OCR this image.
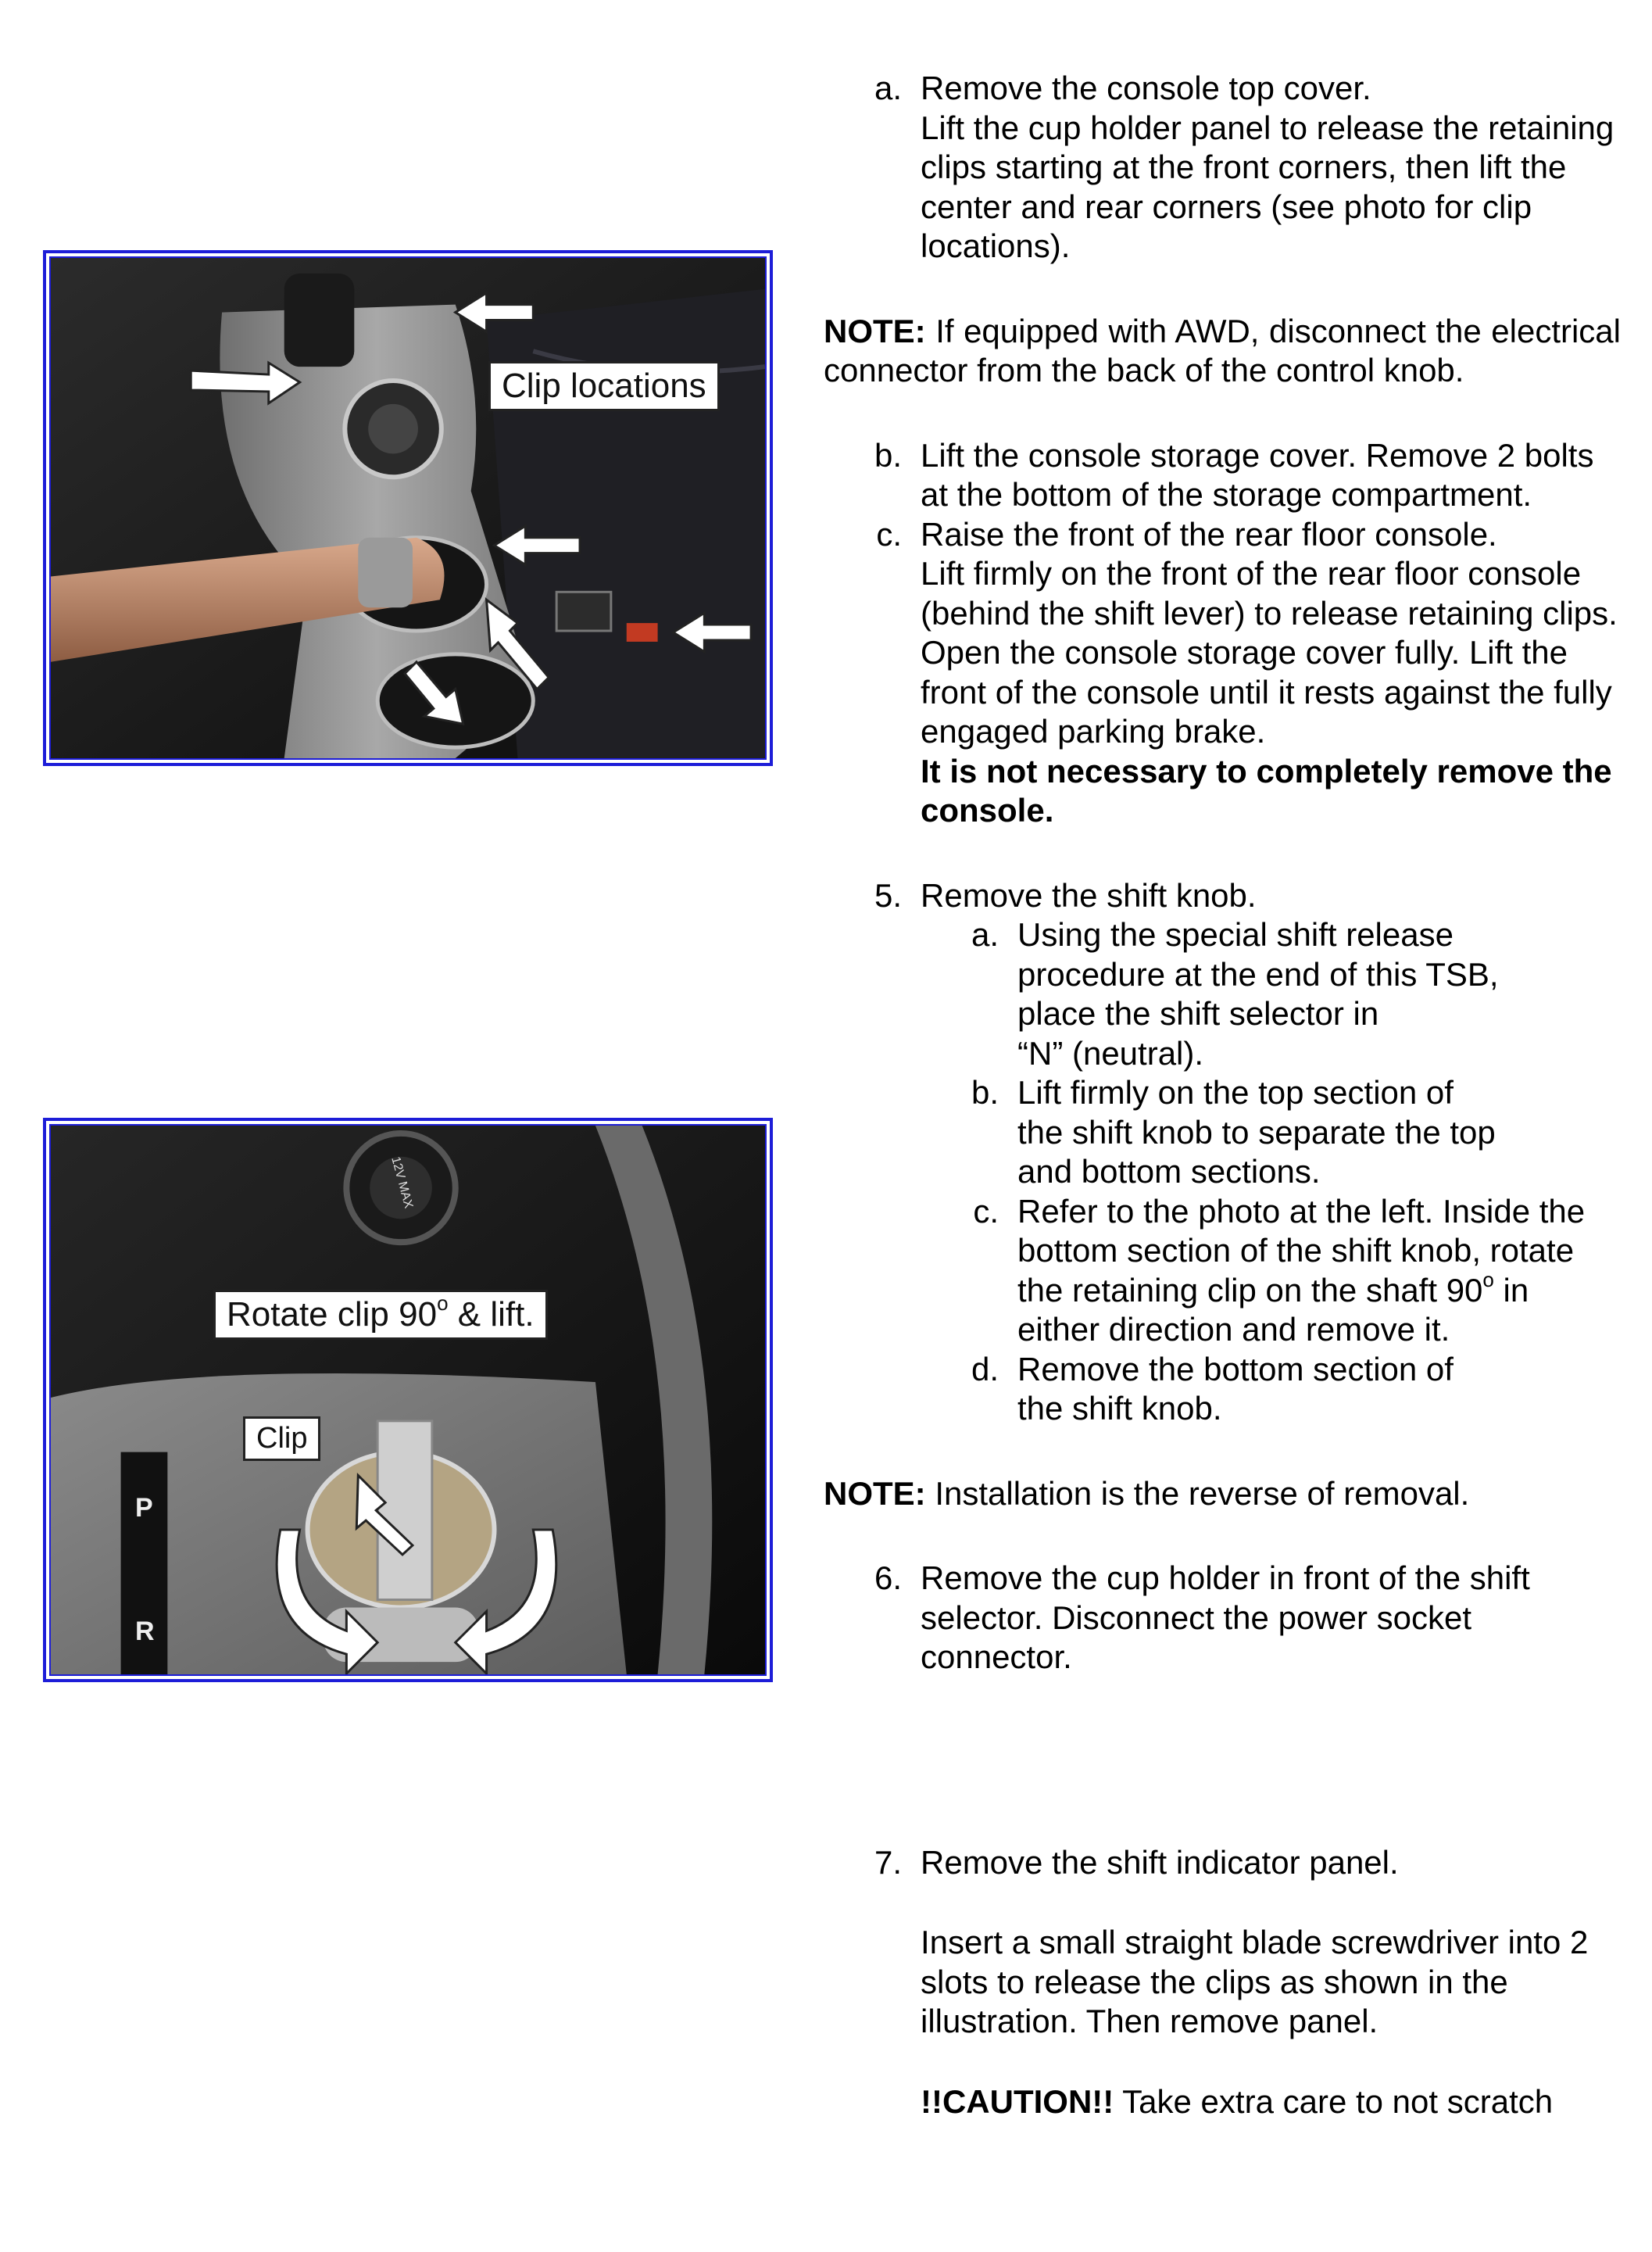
Clip locations
Rotate clip 90$^o$ & lift.
Clip
P
R
12V MAX
a. Remove the console top cover.
Lift the cup holder panel to release the retaining clips starting at the front corners, then lift the center and rear corners (see photo for clip locations).
NOTE: If equipped with AWD, disconnect the electrical connector from the back of the control knob.
b. Lift the console storage cover. Remove 2 bolts at the bottom of the storage compartment.
c. Raise the front of the rear floor console.
Lift firmly on the front of the rear floor console (behind the shift lever) to release retaining clips. Open the console storage cover fully. Lift the front of the console until it rests against the fully engaged parking brake.
It is not necessary to completely remove the console.
5. Remove the shift knob.
a. Using the special shift release procedure at the end of this TSB, place the shift selector in
“N” (neutral).
b. Lift firmly on the top section of the shift knob to separate the top and bottom sections.
c. Refer to the photo at the left. Inside the bottom section of the shift knob, rotate the retaining clip on the shaft 90$^o$ in either direction and remove it.
d. Remove the bottom section of the shift knob.
NOTE: Installation is the reverse of removal.
6. Remove the cup holder in front of the shift selector. Disconnect the power socket connector.
7. Remove the shift indicator panel.
Insert a small straight blade screwdriver into 2 slots to release the clips as shown in the illustration. Then remove panel.
!!CAUTION!! Take extra care to not scratch
